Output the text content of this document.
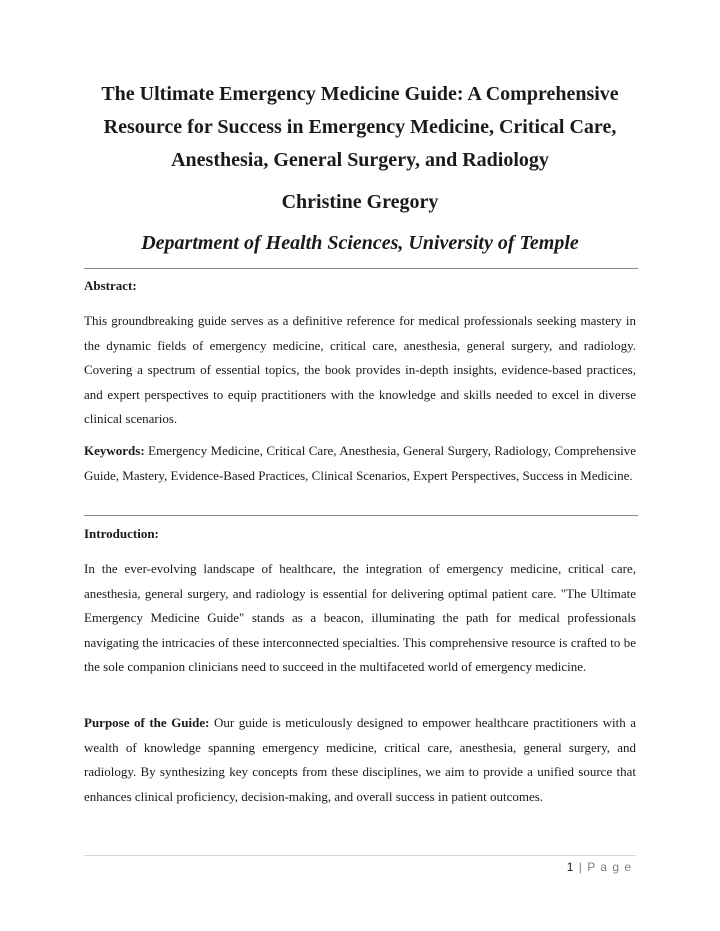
The Ultimate Emergency Medicine Guide: A Comprehensive Resource for Success in Emergency Medicine, Critical Care, Anesthesia, General Surgery, and Radiology

Christine Gregory

Department of Health Sciences, University of Temple

Abstract:

This groundbreaking guide serves as a definitive reference for medical professionals seeking mastery in the dynamic fields of emergency medicine, critical care, anesthesia, general surgery, and radiology. Covering a spectrum of essential topics, the book provides in-depth insights, evidence-based practices, and expert perspectives to equip practitioners with the knowledge and skills needed to excel in diverse clinical scenarios.

Keywords: Emergency Medicine, Critical Care, Anesthesia, General Surgery, Radiology, Comprehensive Guide, Mastery, Evidence-Based Practices, Clinical Scenarios, Expert Perspectives, Success in Medicine.

Introduction:

In the ever-evolving landscape of healthcare, the integration of emergency medicine, critical care, anesthesia, general surgery, and radiology is essential for delivering optimal patient care. "The Ultimate Emergency Medicine Guide" stands as a beacon, illuminating the path for medical professionals navigating the intricacies of these interconnected specialties. This comprehensive resource is crafted to be the sole companion clinicians need to succeed in the multifaceted world of emergency medicine.

Purpose of the Guide: Our guide is meticulously designed to empower healthcare practitioners with a wealth of knowledge spanning emergency medicine, critical care, anesthesia, general surgery, and radiology. By synthesizing key concepts from these disciplines, we aim to provide a unified source that enhances clinical proficiency, decision-making, and overall success in patient outcomes.

1 | P a g e
